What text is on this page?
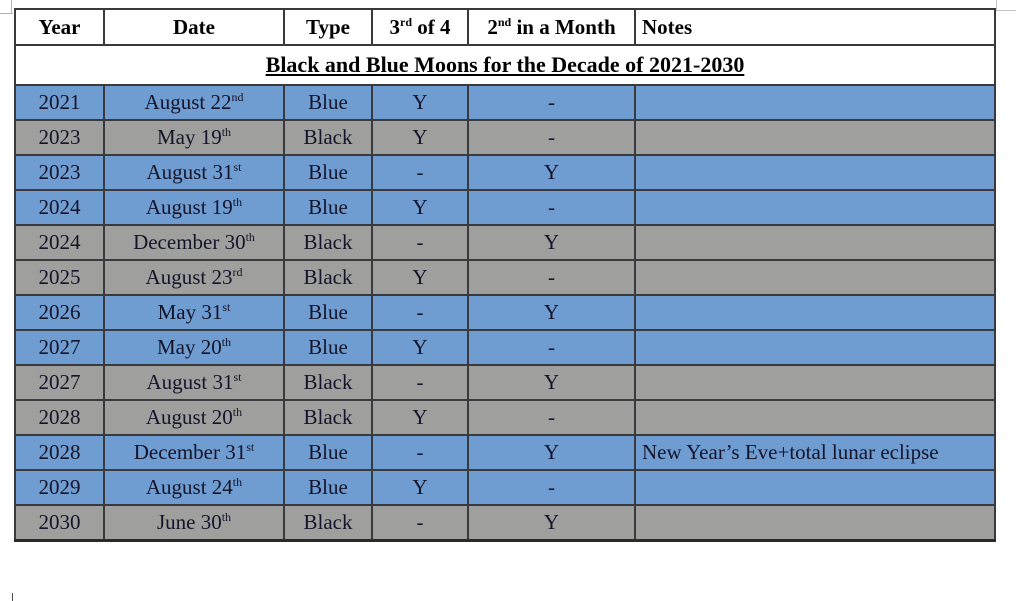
Black and Blue Moons for the Decade of 2021-2030					
Year	Date	Type	3rd of 4	2nd in a Month	Notes
2021	August 22nd	Blue	Y	-	
2023	May 19th	Black	Y	-	
2023	August 31st	Blue	-	Y	
2024	August 19th	Blue	Y	-	
2024	December 30th	Black	-	Y	
2025	August 23rd	Black	Y	-	
2026	May 31st	Blue	-	Y	
2027	May 20th	Blue	Y	-	
2027	August 31st	Black	-	Y	
2028	August 20th	Black	Y	-	
2028	December 31st	Blue	-	Y	New Year’s Eve+total lunar eclipse
2029	August 24th	Blue	Y	-	
2030	June 30th	Black	-	Y	
